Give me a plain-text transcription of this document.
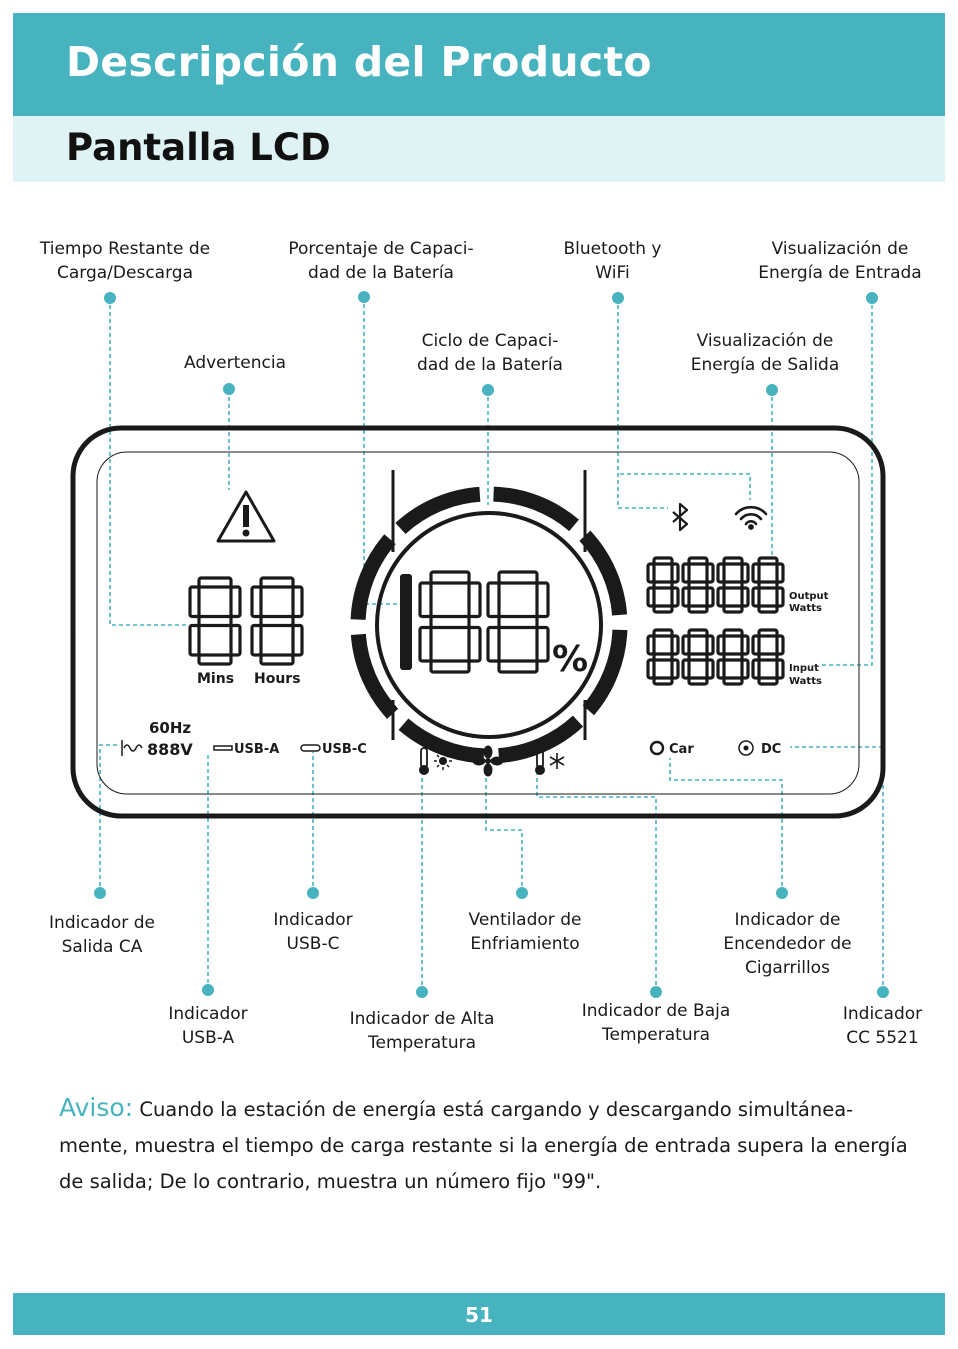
Descripción del Producto
Pantalla LCD
Tiempo Restante de
Carga/Descarga
Porcentaje de Capaci-
dad de la Batería
Bluetooth y
WiFi
Visualización de
Energía de Entrada
Advertencia
Ciclo de Capaci-
dad de la Batería
Visualización de
Energía de Salida
Indicador de
Salida CA
Indicador
USB-C
Ventilador de
Enfriamiento
Indicador de
Encendedor de
Cigarrillos
Indicador
USB-A
Indicador de Alta
Temperatura
Indicador de Baja
Temperatura
Indicador
CC 5521
Mins Hours	%
Output
Watts
Input
Watts
60Hz
888V	USB-A	USB-C	Car	DC
Aviso: Cuando la estación de energía está cargando y descargando simultánea-mente, muestra el tiempo de carga restante si la energía de entrada supera la energía de salida; De lo contrario, muestra un número fijo "99".
51
